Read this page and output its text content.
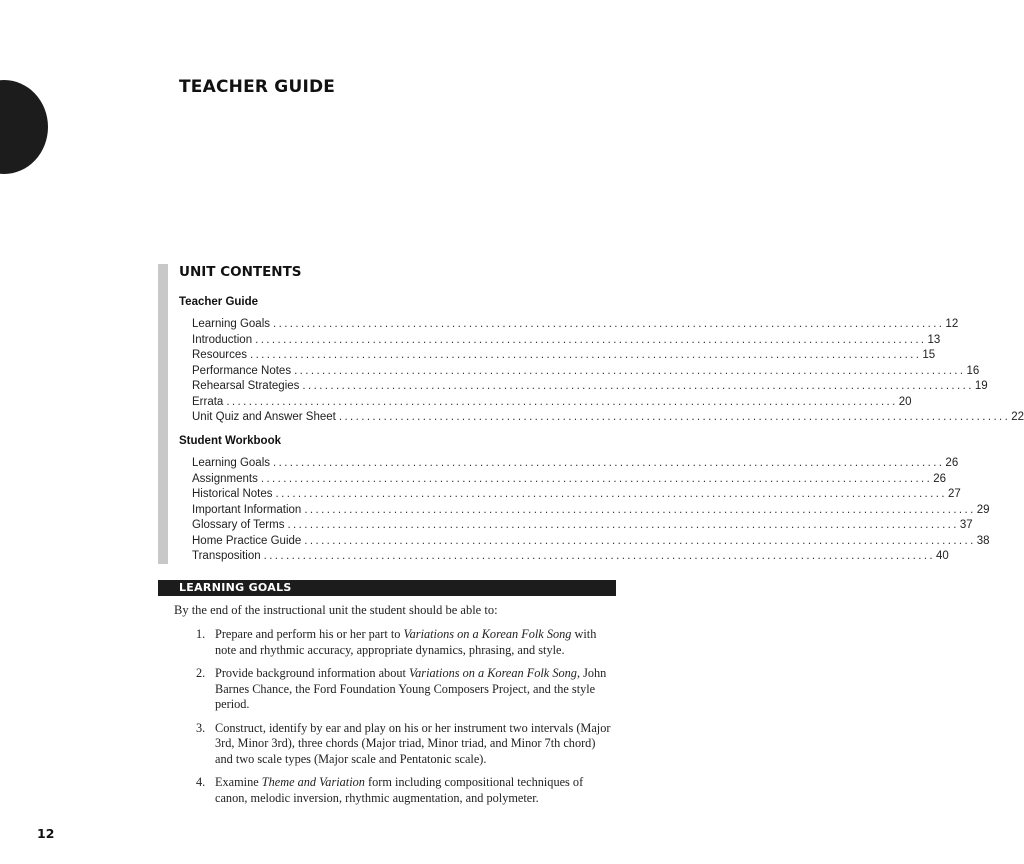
TEACHER GUIDE
UNIT CONTENTS
Teacher Guide
Learning Goals ........................................................................................................................ 12
Introduction ........................................................................................................................ 13
Resources ........................................................................................................................ 15
Performance Notes ........................................................................................................................ 16
Rehearsal Strategies ........................................................................................................................ 19
Errata ........................................................................................................................ 20
Unit Quiz and Answer Sheet ........................................................................................................................ 22
Student Workbook
Learning Goals ........................................................................................................................ 26
Assignments ........................................................................................................................ 26
Historical Notes ........................................................................................................................ 27
Important Information ........................................................................................................................ 29
Glossary of Terms ........................................................................................................................ 37
Home Practice Guide ........................................................................................................................ 38
Transposition ........................................................................................................................ 40
LEARNING GOALS
By the end of the instructional unit the student should be able to:
1. Prepare and perform his or her part to Variations on a Korean Folk Song with note and rhythmic accuracy, appropriate dynamics, phrasing, and style.
2. Provide background information about Variations on a Korean Folk Song, John Barnes Chance, the Ford Foundation Young Composers Project, and the style period.
3. Construct, identify by ear and play on his or her instrument two intervals (Major 3rd, Minor 3rd), three chords (Major triad, Minor triad, and Minor 7th chord) and two scale types (Major scale and Pentatonic scale).
4. Examine Theme and Variation form including compositional techniques of canon, melodic inversion, rhythmic augmentation, and polymeter.
12
